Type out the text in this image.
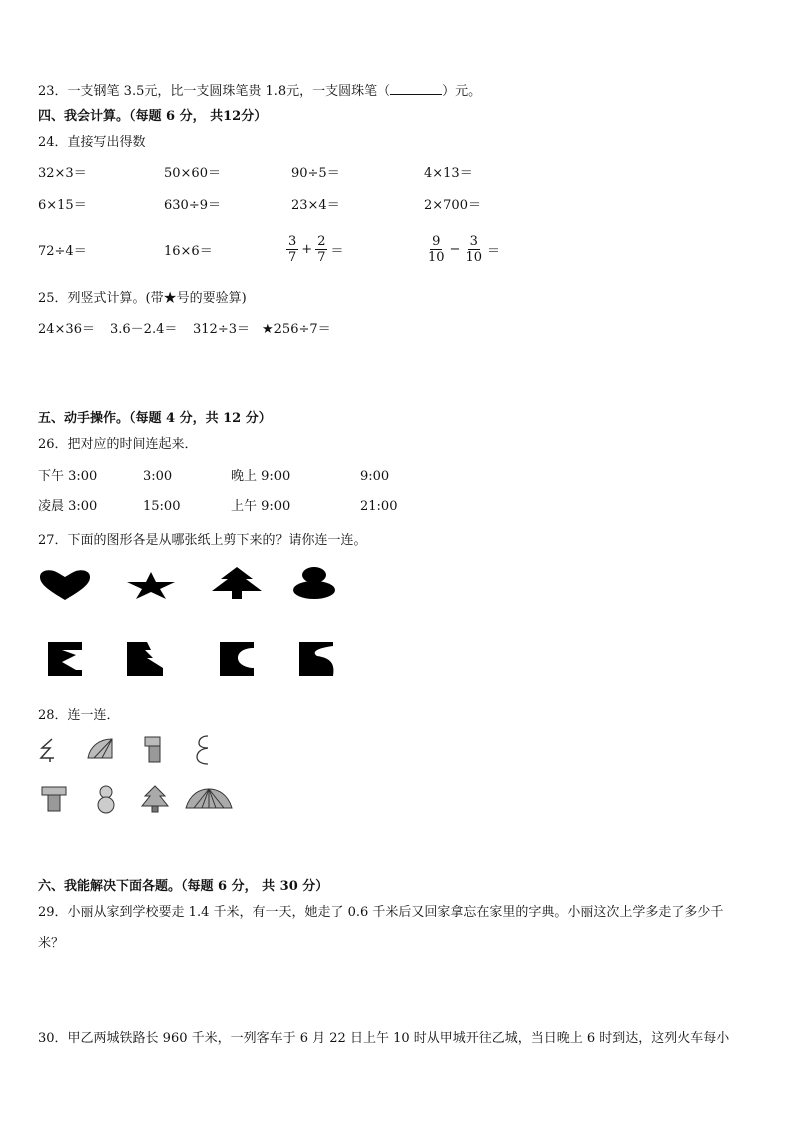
23．一支钢笔 3.5元，比一支圆珠笔贵 1.8元，一支圆珠笔（	）元。
四、我会计算。（每题 6 分， 共12分）
24．直接写出得数
32×3＝	50×60＝	90÷5＝	4×13＝
6×15＝	630÷9＝	23×4＝	2×700＝
72÷4＝	16×6＝	$\frac{3}{7} + \frac{2}{7}$ ＝	$\frac{9}{10} - \frac{3}{10}$ ＝
25．列竖式计算。(带★号的要验算)
24×36＝ 3.6－2.4＝ 312÷3＝ ★256÷7＝
五、动手操作。（每题 4 分，共 12 分）
26．把对应的时间连起来．
下午 3:00	3:00	晚上 9:00	9:00
凌晨 3:00	15:00	上午 9:00	21:00
27．下面的图形各是从哪张纸上剪下来的？请你连一连。
28．连一连．
六、我能解决下面各题。（每题 6 分， 共 30 分）
29．小丽从家到学校要走 1.4 千米，有一天，她走了 0.6 千米后又回家拿忘在家里的字典。小丽这次上学多走了多少千
米？
30．甲乙两城铁路长 960 千米，一列客车于 6 月 22 日上午 10 时从甲城开往乙城，当日晚上 6 时到达，这列火车每小
